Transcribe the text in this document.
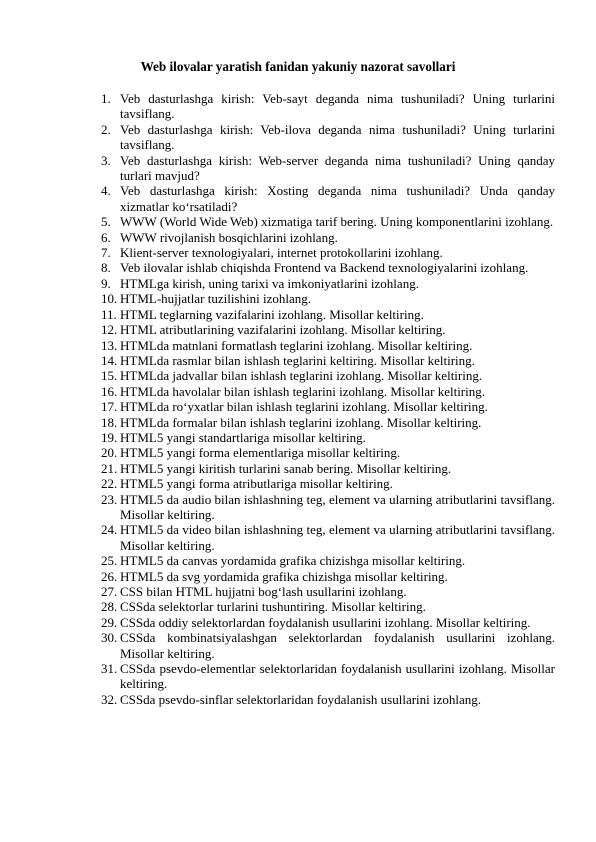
Web ilovalar yaratish fanidan yakuniy nazorat savollari
1. Veb dasturlashga kirish: Veb-sayt deganda nima tushuniladi? Uning turlarini tavsiflang.
2. Veb dasturlashga kirish: Veb-ilova deganda nima tushuniladi? Uning turlarini tavsiflang.
3. Veb dasturlashga kirish: Web-server deganda nima tushuniladi? Uning qanday turlari mavjud?
4. Veb dasturlashga kirish: Xosting deganda nima tushuniladi? Unda qanday xizmatlar ko‘rsatiladi?
5. WWW (World Wide Web) xizmatiga tarif bering. Uning komponentlarini izohlang.
6. WWW rivojlanish bosqichlarini izohlang.
7. Klient-server texnologiyalari, internet protokollarini izohlang.
8. Veb ilovalar ishlab chiqishda Frontend va Backend texnologiyalarini izohlang.
9. HTMLga kirish, uning tarixi va imkoniyatlarini izohlang.
10. HTML-hujjatlar tuzilishini izohlang.
11. HTML teglarning vazifalarini izohlang. Misollar keltiring.
12. HTML atributlarining vazifalarini izohlang. Misollar keltiring.
13. HTMLda matnlani formatlash teglarini izohlang. Misollar keltiring.
14. HTMLda rasmlar bilan ishlash teglarini keltiring. Misollar keltiring.
15. HTMLda jadvallar bilan ishlash teglarini izohlang. Misollar keltiring.
16. HTMLda havolalar bilan ishlash teglarini izohlang. Misollar keltiring.
17. HTMLda ro‘yxatlar bilan ishlash teglarini izohlang. Misollar keltiring.
18. HTMLda formalar bilan ishlash teglarini izohlang. Misollar keltiring.
19. HTML5 yangi standartlariga misollar keltiring.
20. HTML5 yangi forma elementlariga misollar keltiring.
21. HTML5 yangi kiritish turlarini sanab bering. Misollar keltiring.
22. HTML5 yangi forma atributlariga misollar keltiring.
23. HTML5 da audio bilan ishlashning teg, element va ularning atributlarini tavsiflang. Misollar keltiring.
24. HTML5 da video bilan ishlashning teg, element va ularning atributlarini tavsiflang. Misollar keltiring.
25. HTML5 da canvas yordamida grafika chizishga misollar keltiring.
26. HTML5 da svg yordamida grafika chizishga misollar keltiring.
27. CSS bilan HTML hujjatni bog‘lash usullarini izohlang.
28. CSSda selektorlar turlarini tushuntiring. Misollar keltiring.
29. CSSda oddiy selektorlardan foydalanish usullarini izohlang. Misollar keltiring.
30. CSSda kombinatsiyalashgan selektorlardan foydalanish usullarini izohlang. Misollar keltiring.
31. CSSda psevdo-elementlar selektorlaridan foydalanish usullarini izohlang. Misollar keltiring.
32. CSSda psevdo-sinflar selektorlaridan foydalanish usullarini izohlang.
